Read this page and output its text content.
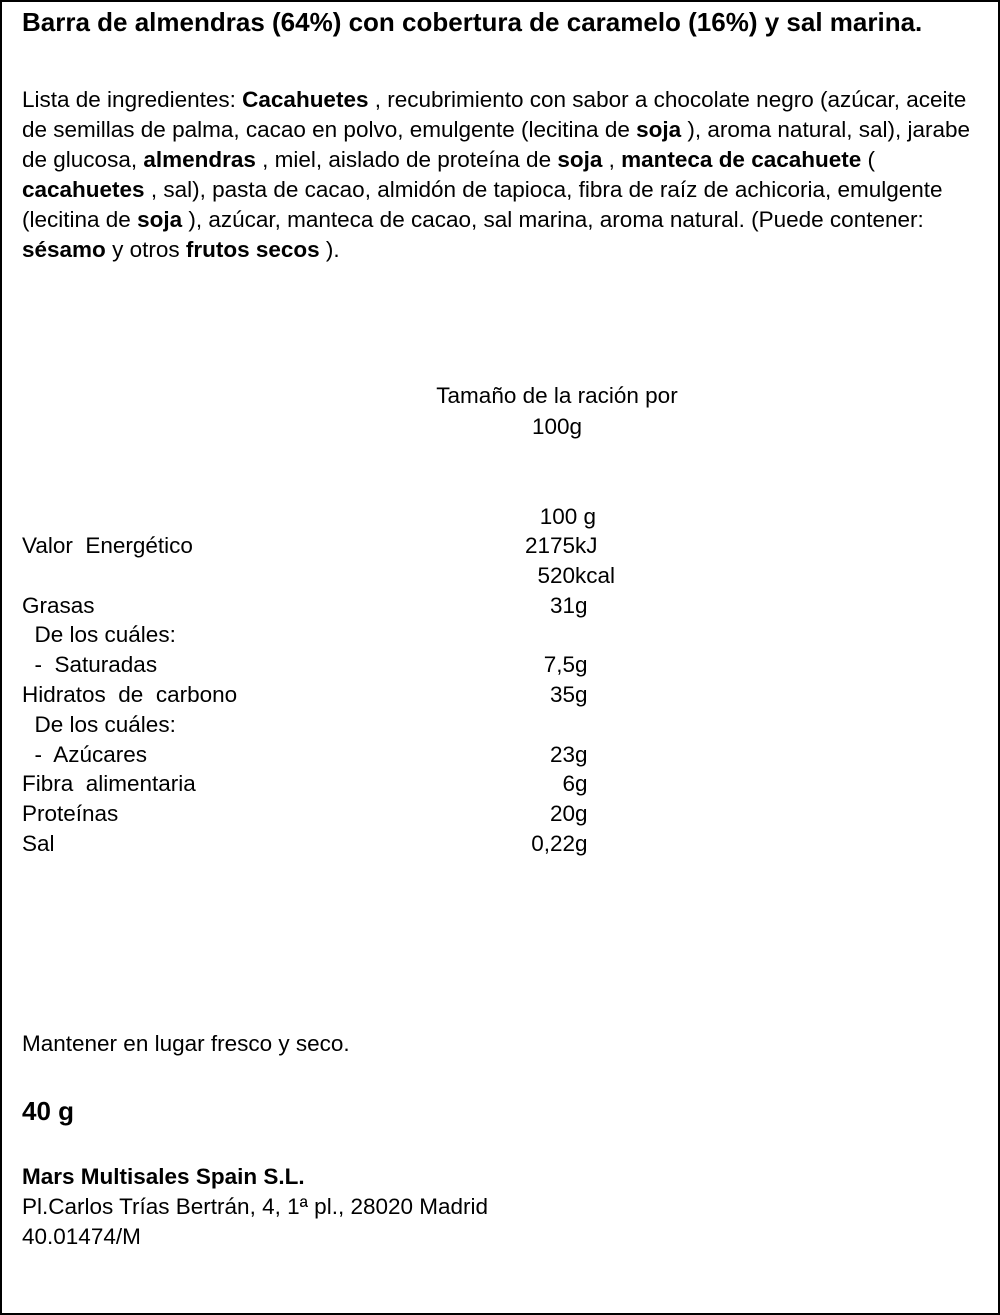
Barra de almendras (64%) con cobertura de caramelo (16%) y sal marina.

Lista de ingredientes: Cacahuetes , recubrimiento con sabor a chocolate negro (azúcar, aceite de semillas de palma, cacao en polvo, emulgente (lecitina de soja ), aroma natural, sal), jarabe de glucosa, almendras , miel, aislado de proteína de soja , manteca de cacahuete ( cacahuetes , sal), pasta de cacao, almidón de tapioca, fibra de raíz de achicoria, emulgente (lecitina de soja ), azúcar, manteca de cacao, sal marina, aroma natural. (Puede contener: sésamo y otros frutos secos ).

Tamaño de la ración por
100g
100 g
Valor  Energético	2175 kJ
520 kcal
Grasas	31 g
De los cuáles:
-  Saturadas	7,5 g
Hidratos  de  carbono	35 g
De los cuáles:
-  Azúcares	23 g
Fibra  alimentaria	6 g
Proteínas	20 g
Sal	0,22 g
Mantener en lugar fresco y seco.
40 g
Mars Multisales Spain S.L.
Pl.Carlos Trías Bertrán, 4, 1ª pl., 28020 Madrid
40.01474/M
